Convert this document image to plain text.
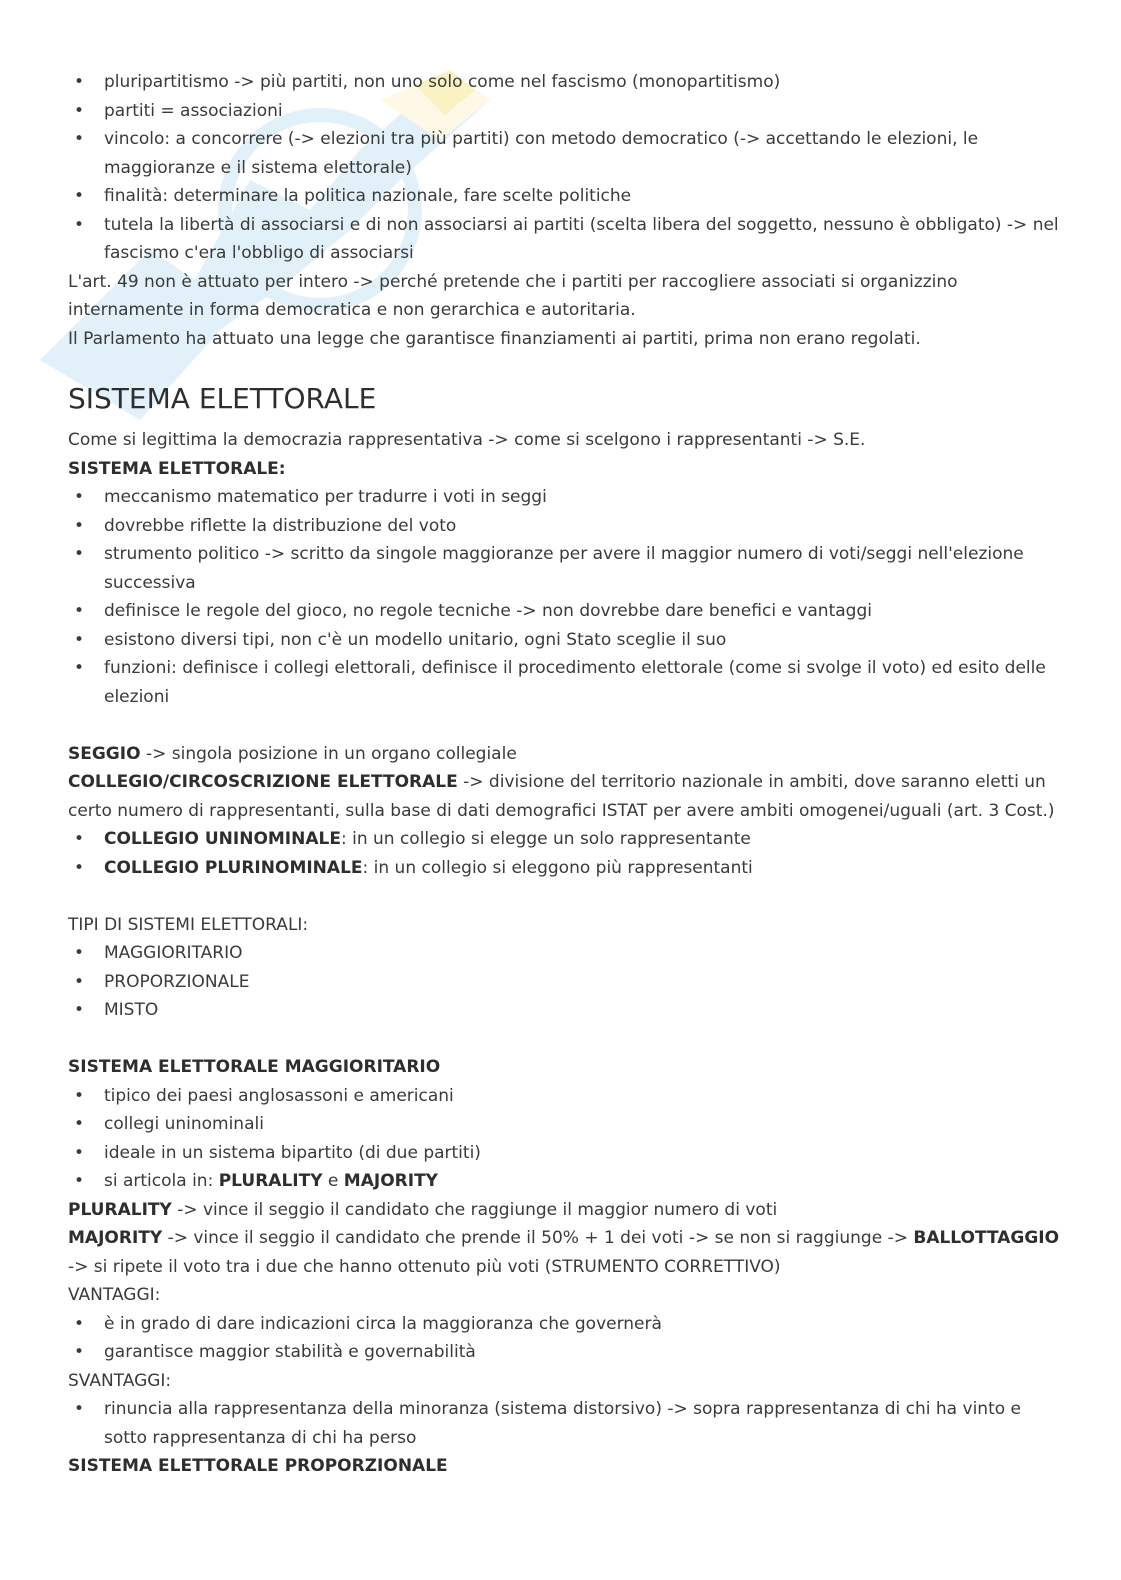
• pluripartitismo -> più partiti, non uno solo come nel fascismo (monopartitismo)
• partiti = associazioni
• vincolo: a concorrere (-> elezioni tra più partiti) con metodo democratico (-> accettando le elezioni, le maggioranze e il sistema elettorale)
• finalità: determinare la politica nazionale, fare scelte politiche
• tutela la libertà di associarsi e di non associarsi ai partiti (scelta libera del soggetto, nessuno è obbligato) -> nel fascismo c'era l'obbligo di associarsi

L'art. 49 non è attuato per intero -> perché pretende che i partiti per raccogliere associati si organizzino internamente in forma democratica e non gerarchica e autoritaria.

Il Parlamento ha attuato una legge che garantisce finanziamenti ai partiti, prima non erano regolati.

SISTEMA ELETTORALE

Come si legittima la democrazia rappresentativa -> come si scelgono i rappresentanti -> S.E.

SISTEMA ELETTORALE:

• meccanismo matematico per tradurre i voti in seggi
• dovrebbe riflette la distribuzione del voto
• strumento politico -> scritto da singole maggioranze per avere il maggior numero di voti/seggi nell'elezione successiva
• definisce le regole del gioco, no regole tecniche -> non dovrebbe dare benefici e vantaggi
• esistono diversi tipi, non c'è un modello unitario, ogni Stato sceglie il suo
• funzioni: definisce i collegi elettorali, definisce il procedimento elettorale (come si svolge il voto) ed esito delle elezioni

SEGGIO -> singola posizione in un organo collegiale

COLLEGIO/CIRCOSCRIZIONE ELETTORALE -> divisione del territorio nazionale in ambiti, dove saranno eletti un certo numero di rappresentanti, sulla base di dati demografici ISTAT per avere ambiti omogenei/uguali (art. 3 Cost.)

• COLLEGIO UNINOMINALE: in un collegio si elegge un solo rappresentante
• COLLEGIO PLURINOMINALE: in un collegio si eleggono più rappresentanti

TIPI DI SISTEMI ELETTORALI:

• MAGGIORITARIO
• PROPORZIONALE
• MISTO

SISTEMA ELETTORALE MAGGIORITARIO

• tipico dei paesi anglosassoni e americani
• collegi uninominali
• ideale in un sistema bipartito (di due partiti)
• si articola in: PLURALITY e MAJORITY

PLURALITY -> vince il seggio il candidato che raggiunge il maggior numero di voti

MAJORITY -> vince il seggio il candidato che prende il 50% + 1 dei voti -> se non si raggiunge -> BALLOTTAGGIO -> si ripete il voto tra i due che hanno ottenuto più voti (STRUMENTO CORRETTIVO)

VANTAGGI:

• è in grado di dare indicazioni circa la maggioranza che governerà
• garantisce maggior stabilità e governabilità

SVANTAGGI:

• rinuncia alla rappresentanza della minoranza (sistema distorsivo) -> sopra rappresentanza di chi ha vinto e sotto rappresentanza di chi ha perso

SISTEMA ELETTORALE PROPORZIONALE
